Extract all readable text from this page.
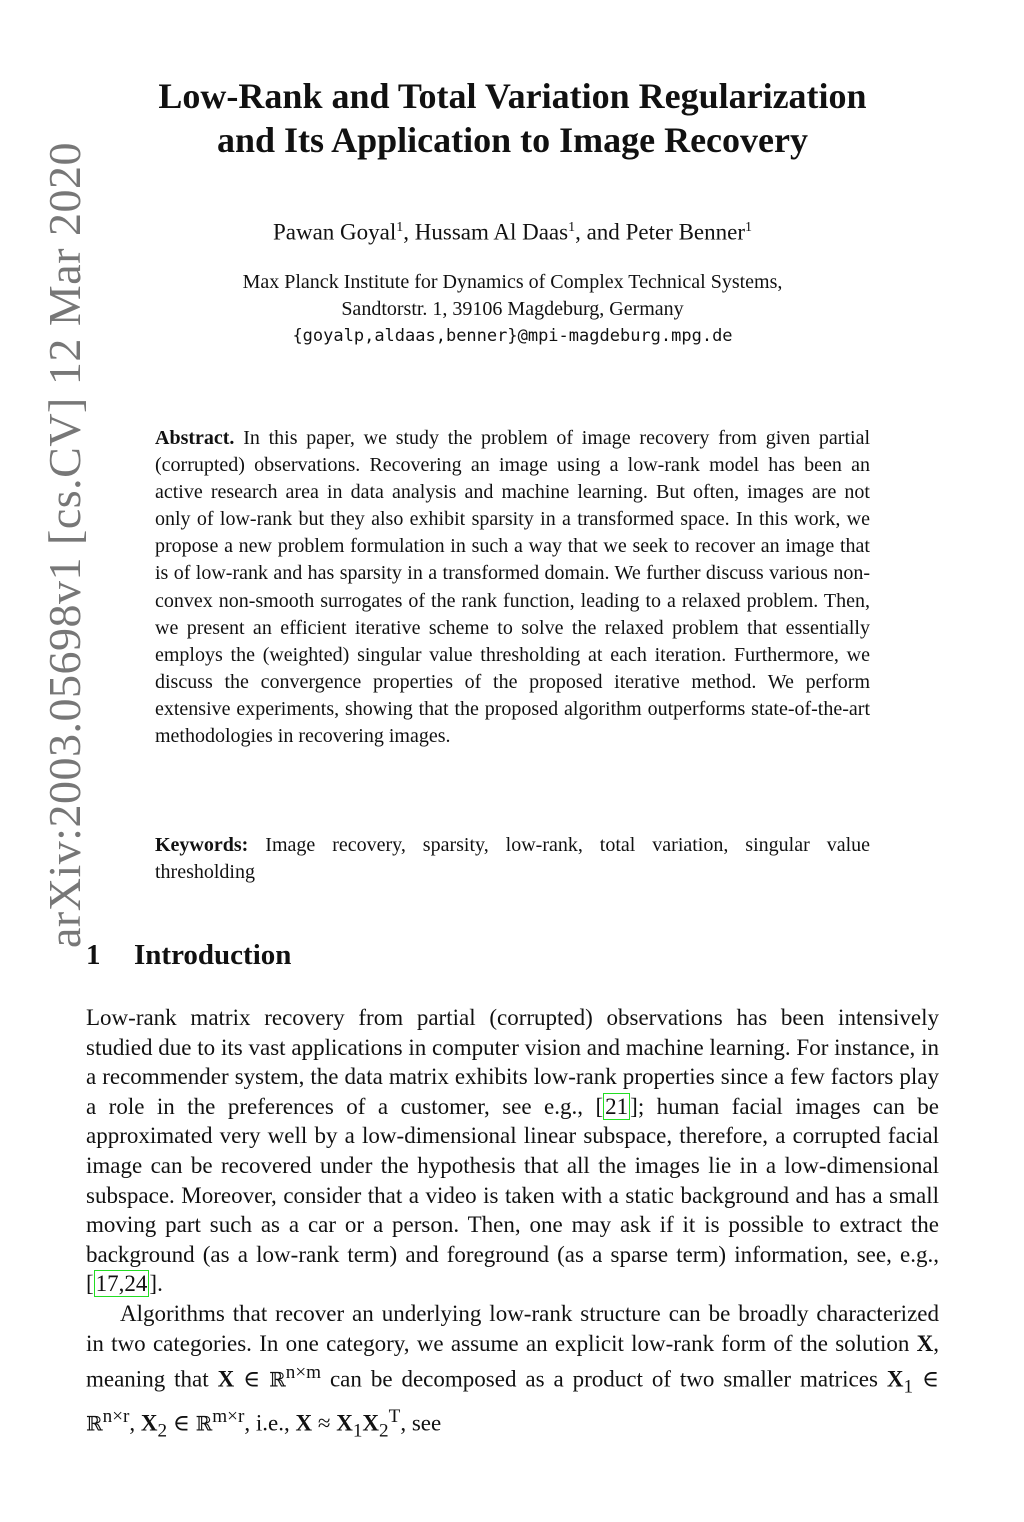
arXiv:2003.05698v1 [cs.CV] 12 Mar 2020
Low-Rank and Total Variation Regularization
and Its Application to Image Recovery
Pawan Goyal$^1$, Hussam Al Daas$^1$, and Peter Benner$^1$
Max Planck Institute for Dynamics of Complex Technical Systems,
Sandtorstr. 1, 39106 Magdeburg, Germany
{goyalp,aldaas,benner}@mpi-magdeburg.mpg.de

Abstract. In this paper, we study the problem of image recovery from given partial (corrupted) observations. Recovering an image using a low-rank model has been an active research area in data analysis and machine learning. But often, images are not only of low-rank but they also exhibit sparsity in a transformed space. In this work, we propose a new problem formulation in such a way that we seek to recover an image that is of low-rank and has sparsity in a transformed domain. We further discuss various non-convex non-smooth surrogates of the rank function, leading to a relaxed problem. Then, we present an efficient iterative scheme to solve the relaxed problem that essentially employs the (weighted) singular value thresholding at each iteration. Furthermore, we discuss the convergence properties of the proposed iterative method. We perform extensive experiments, showing that the proposed algorithm outperforms state-of-the-art methodologies in recovering images.

Keywords: Image recovery, sparsity, low-rank, total variation, singular value thresholding

1 Introduction

Low-rank matrix recovery from partial (corrupted) observations has been intensively studied due to its vast applications in computer vision and machine learning. For instance, in a recommender system, the data matrix exhibits low-rank properties since a few factors play a role in the preferences of a customer, see e.g., [21]; human facial images can be approximated very well by a low-dimensional linear subspace, therefore, a corrupted facial image can be recovered under the hypothesis that all the images lie in a low-dimensional subspace. Moreover, consider that a video is taken with a static background and has a small moving part such as a car or a person. Then, one may ask if it is possible to extract the background (as a low-rank term) and foreground (as a sparse term) information, see, e.g., [17,24].

Algorithms that recover an underlying low-rank structure can be broadly characterized in two categories. In one category, we assume an explicit low-rank form of the solution X, meaning that X ∈ ℝ$^{n\times m}$ can be decomposed as a product of two smaller matrices $X_1$ ∈ ℝ$^{n\times r}$, $X_2$ ∈ ℝ$^{m\times r}$, i.e., $X \approx X_1X_2^T$, see
